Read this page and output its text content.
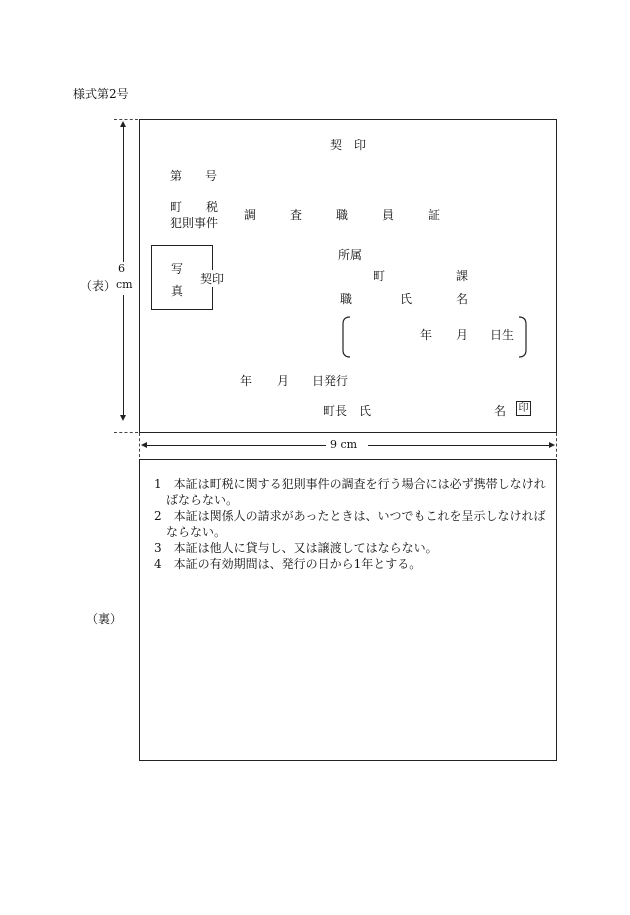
様式第2号
（表）
（裏）
6
cm
契　印
第 号
町　　税
犯則事件
調	査	職	員	証
写
真
契印
所属
町	課
職	氏	名
年 月 日生
年 月 日発行
町長　氏	名 印
9 cm

1　本証は町税に関する犯則事件の調査を行う場合には必ず携帯しなければならない。

2　本証は関係人の請求があったときは、いつでもこれを呈示しなければならない。

3　本証は他人に貸与し、又は譲渡してはならない。

4　本証の有効期間は、発行の日から1年とする。
